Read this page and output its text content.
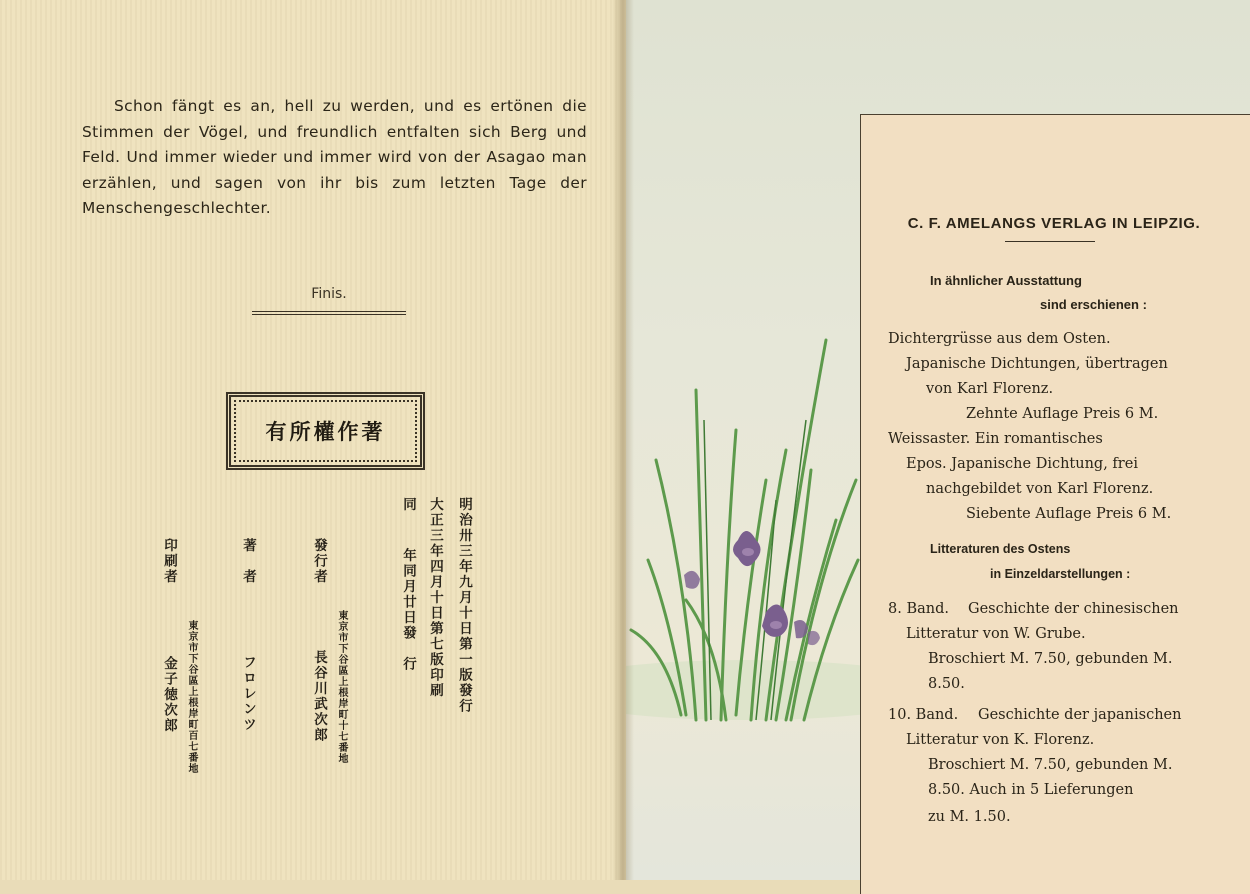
Schon fängt es an, hell zu werden, und es ertönen die Stimmen der Vögel, und freundlich entfalten sich Berg und Feld. Und immer wieder und immer wird von der Asagao man erzählen, und sagen von ihr bis zum letzten Tage der Menschengeschlechter.

Finis.
有所權作著
明治卅三年九月十日第一版發行
大正三年四月十日第七版印刷
同
年同月廿日發　行
發行者
東京市下谷區上根岸町十七番地
長谷川武次郎
著　者
フロレンツ
印刷者
東京市下谷區上根岸町百七番地
金子徳次郎
C. F. AMELANGS VERLAG IN LEIPZIG.
In ähnlicher Ausstattung
sind erschienen :
Dichtergrüsse aus dem Osten.
Japanische Dichtungen, übertragen
von Karl Florenz.
Zehnte Auflage Preis 6 M.
Weissaster. Ein romantisches
Epos. Japanische Dichtung, frei
nachgebildet von Karl Florenz.
Siebente Auflage Preis 6 M.
Litteraturen des Ostens
in Einzeldarstellungen :
8. Band. Geschichte der chinesischen
Litteratur von W. Grube.
Broschiert M. 7.50, gebunden M.
8.50.
10. Band. Geschichte der japanischen
Litteratur von K. Florenz.
Broschiert M. 7.50, gebunden M.
8.50. Auch in 5 Lieferungen
zu M. 1.50.
